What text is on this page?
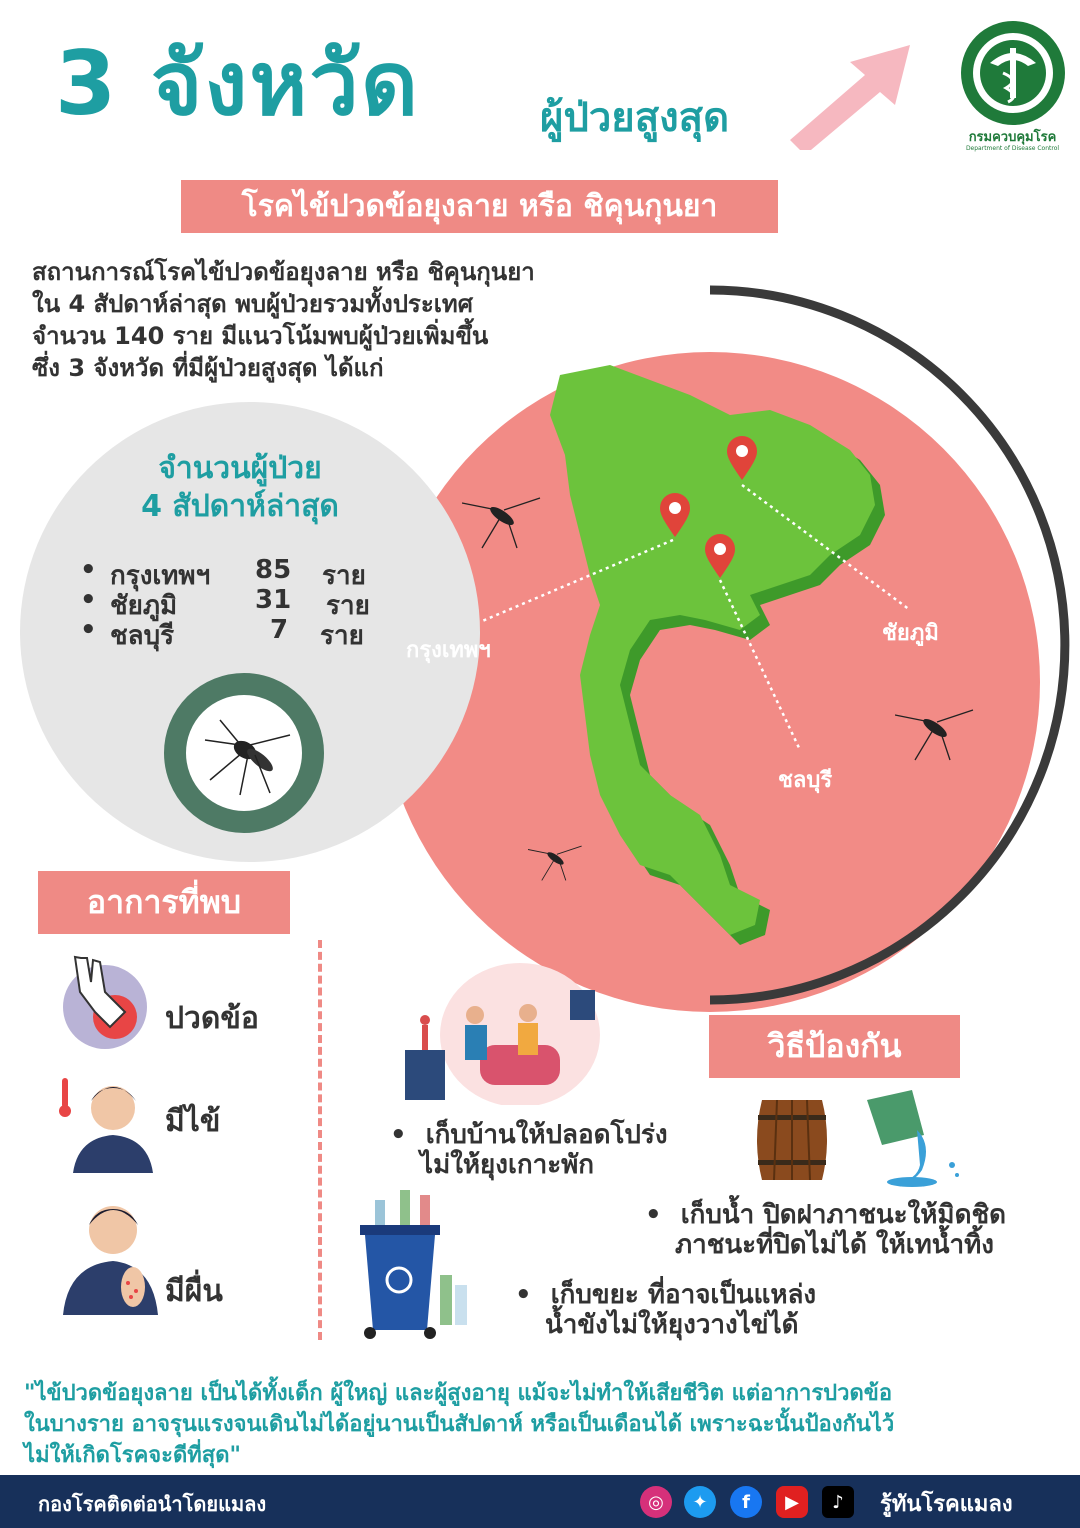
3 จังหวัด	ผู้ป่วยสูงสุด	กรมควบคุมโรค
Department of Disease Control
โรคไข้ปวดข้อยุงลาย หรือ ชิคุนกุนยา
สถานการณ์โรคไข้ปวดข้อยุงลาย หรือ ชิคุนกุนยา
ใน 4 สัปดาห์ล่าสุด พบผู้ป่วยรวมทั้งประเทศ
จำนวน 140 ราย มีแนวโน้มพบผู้ป่วยเพิ่มขึ้น
ซึ่ง 3 จังหวัด ที่มีผู้ป่วยสูงสุด ได้แก่
จำนวนผู้ป่วย
4 สัปดาห์ล่าสุด
• กรุงเทพฯ 85 ราย
• ชัยภูมิ	31 ราย
• ชลบุรี	7 ราย กรุงเทพฯ
ชัยภูมิ
ชลบุรี
อาการที่พบ
ปวดข้อ
มีไข้
มีผื่น
วิธีป้องกัน
• เก็บบ้านให้ปลอดโปร่ง
ไม่ให้ยุงเกาะพัก
• เก็บน้ำ ปิดฝาภาชนะให้มิดชิด
ภาชนะที่ปิดไม่ได้ ให้เทน้ำทิ้ง
• เก็บขยะ ที่อาจเป็นแหล่ง
น้ำขังไม่ให้ยุงวางไข่ได้
"ไข้ปวดข้อยุงลาย เป็นได้ทั้งเด็ก ผู้ใหญ่ และผู้สูงอายุ แม้จะไม่ทำให้เสียชีวิต แต่อาการปวดข้อ
ในบางราย อาจรุนแรงจนเดินไม่ได้อยู่นานเป็นสัปดาห์ หรือเป็นเดือนได้ เพราะฉะนั้นป้องกันไว้
ไม่ให้เกิดโรคจะดีที่สุด"
กองโรคติดต่อนำโดยแมลง	◎	✦	f	▶	♪	รู้ทันโรคแมลง
